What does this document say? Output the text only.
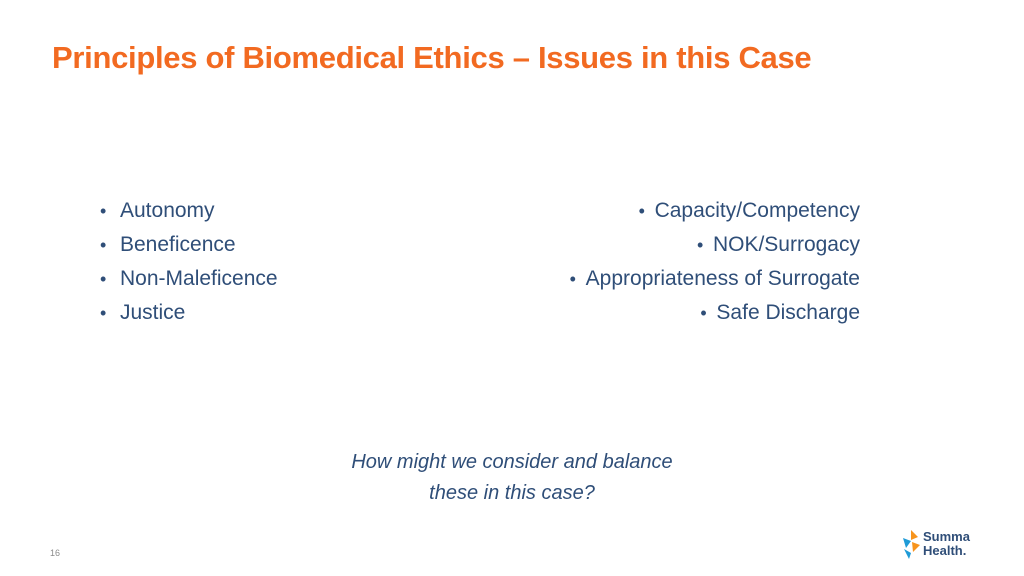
Principles of Biomedical Ethics – Issues in this Case
• Autonomy
• Beneficence
• Non-Maleficence
• Justice
• Capacity/Competency
• NOK/Surrogacy
• Appropriateness of Surrogate
• Safe Discharge
How might we consider and balance
these in this case?
16
Summa
Health.
